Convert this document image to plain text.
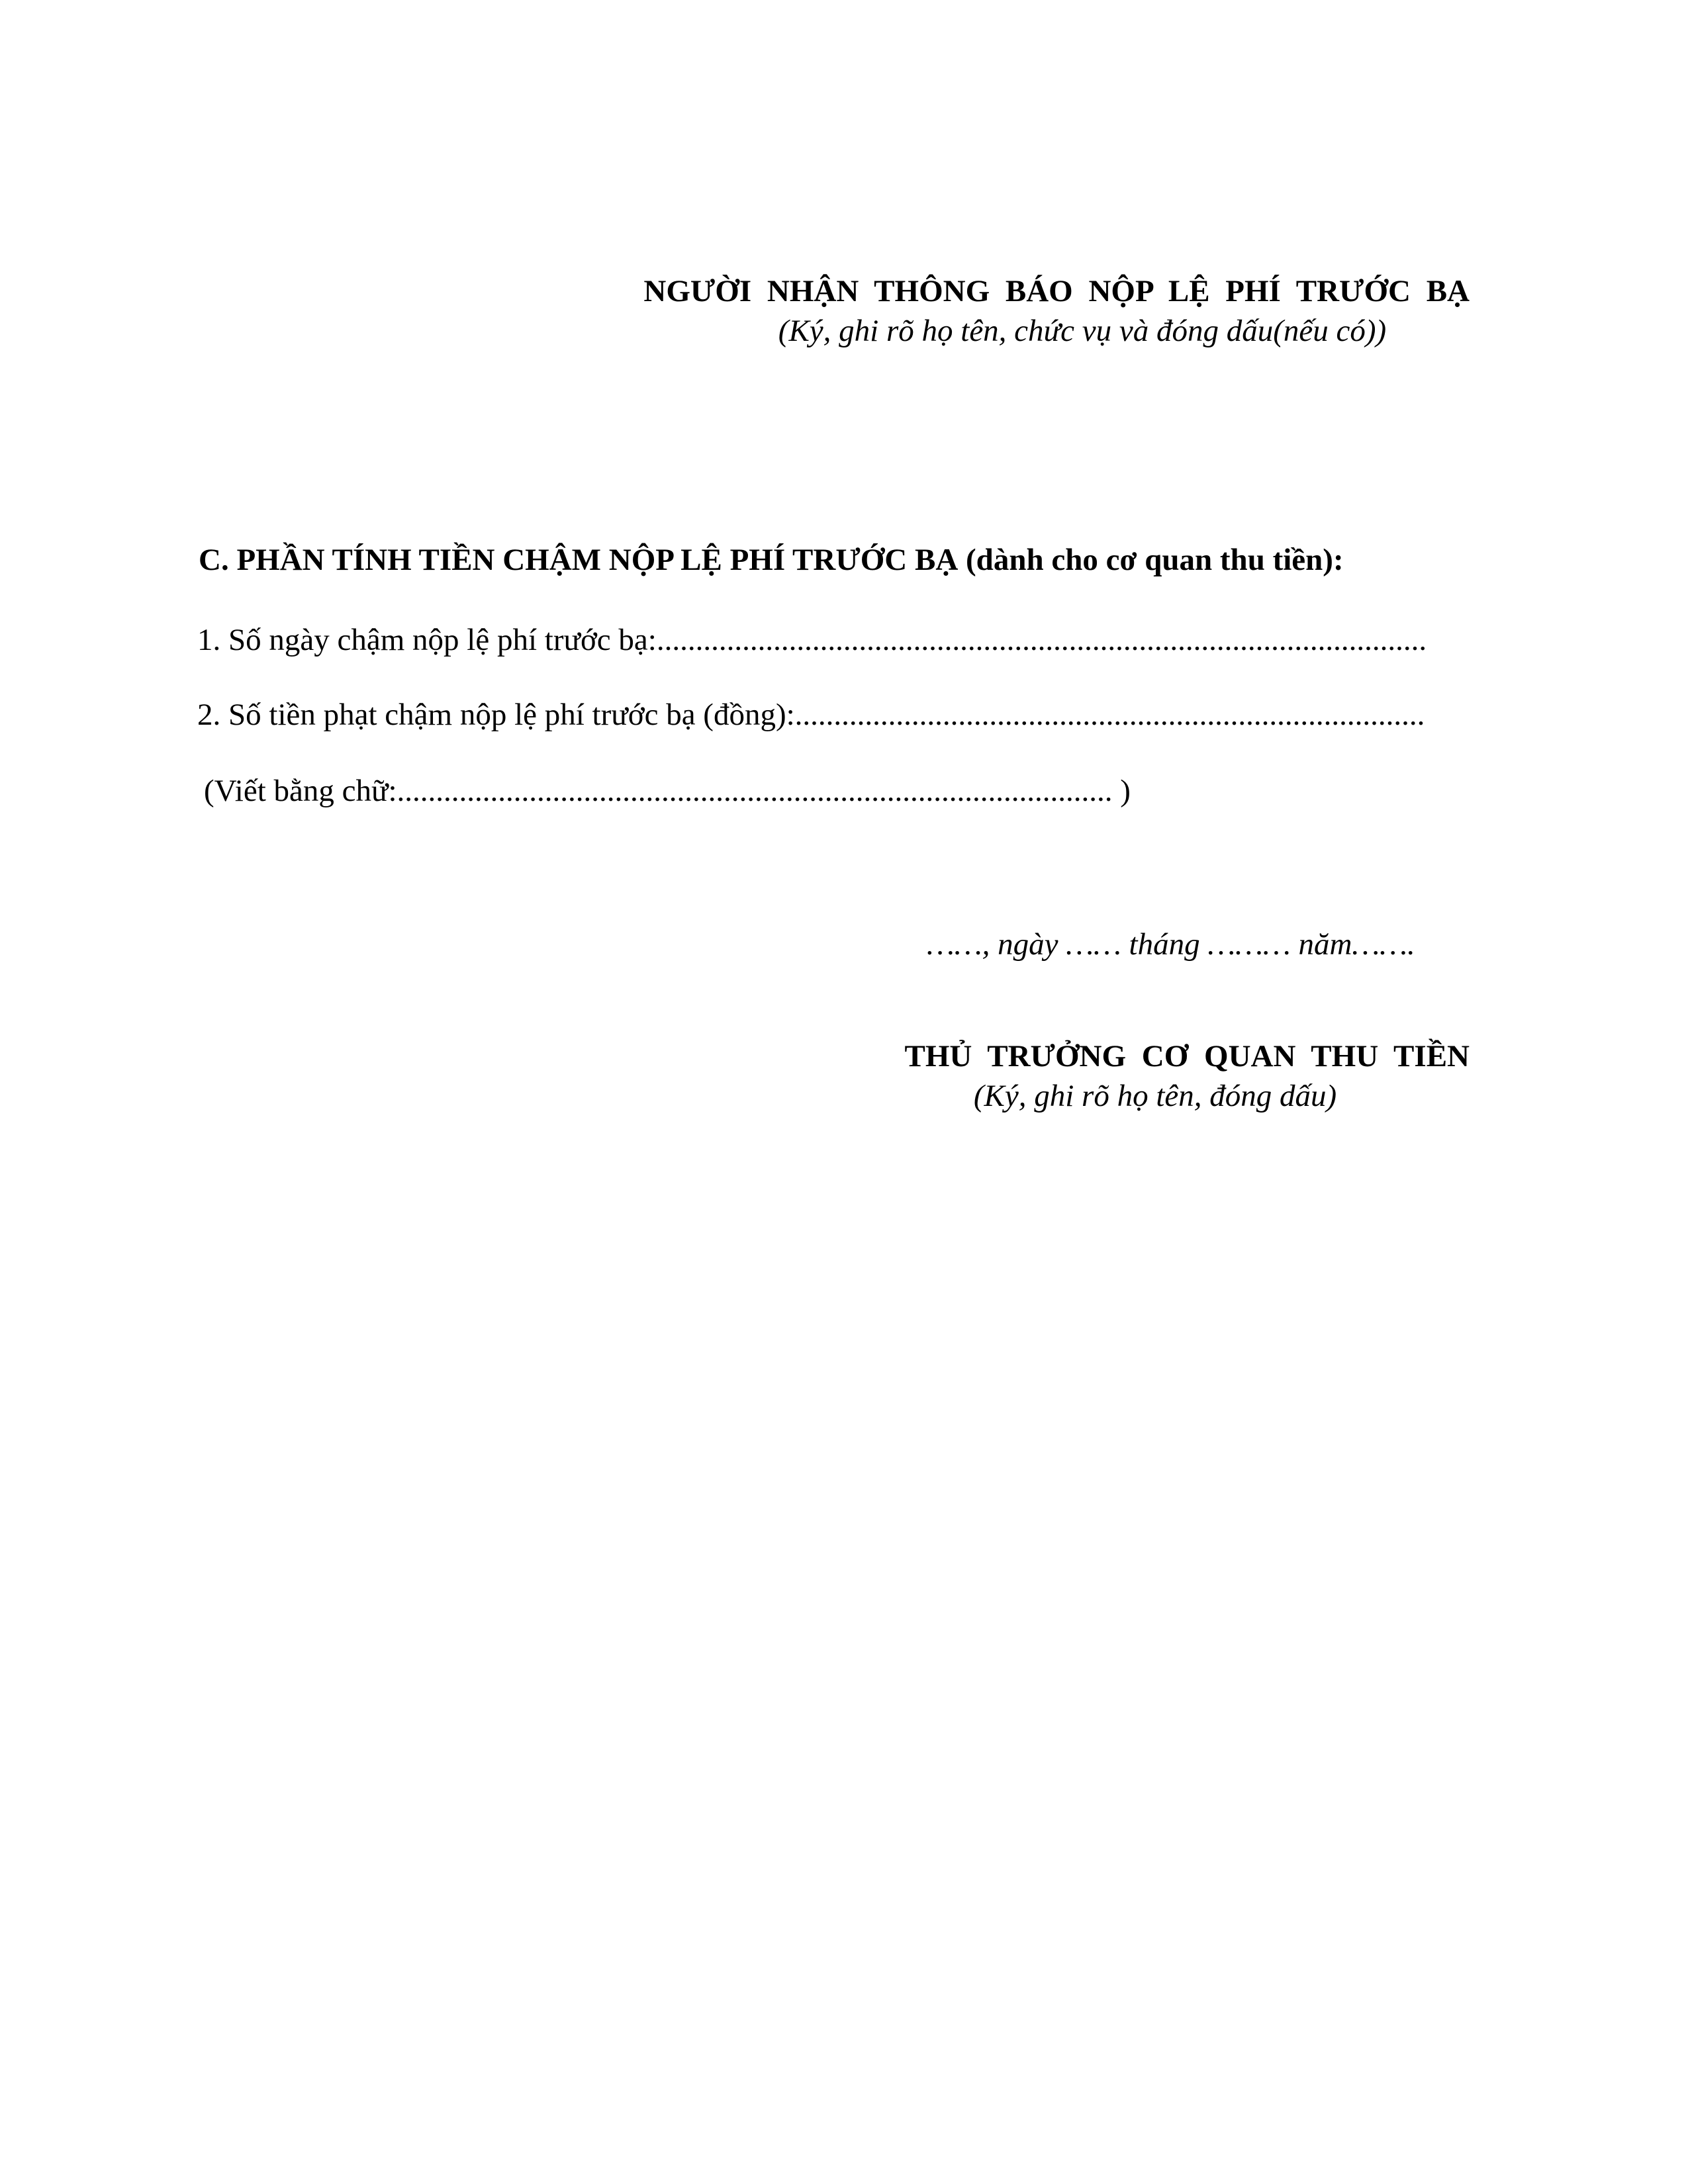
NGƯỜI NHẬN THÔNG BÁO NỘP LỆ PHÍ TRƯỚC BẠ
(Ký, ghi rõ họ tên, chức vụ và đóng dấu(nếu có))
C. PHẦN TÍNH TIỀN CHẬM NỘP LỆ PHÍ TRƯỚC BẠ (dành cho cơ quan thu tiền):
1. Số ngày chậm nộp lệ phí trước bạ:...................................................................................................
2. Số tiền phạt chậm nộp lệ phí trước bạ (đồng):.................................................................................
(Viết bằng chữ:............................................................................................ )
……, ngày …… tháng ……… năm…….
THỦ TRƯỞNG CƠ QUAN THU TIỀN
(Ký, ghi rõ họ tên, đóng dấu)
